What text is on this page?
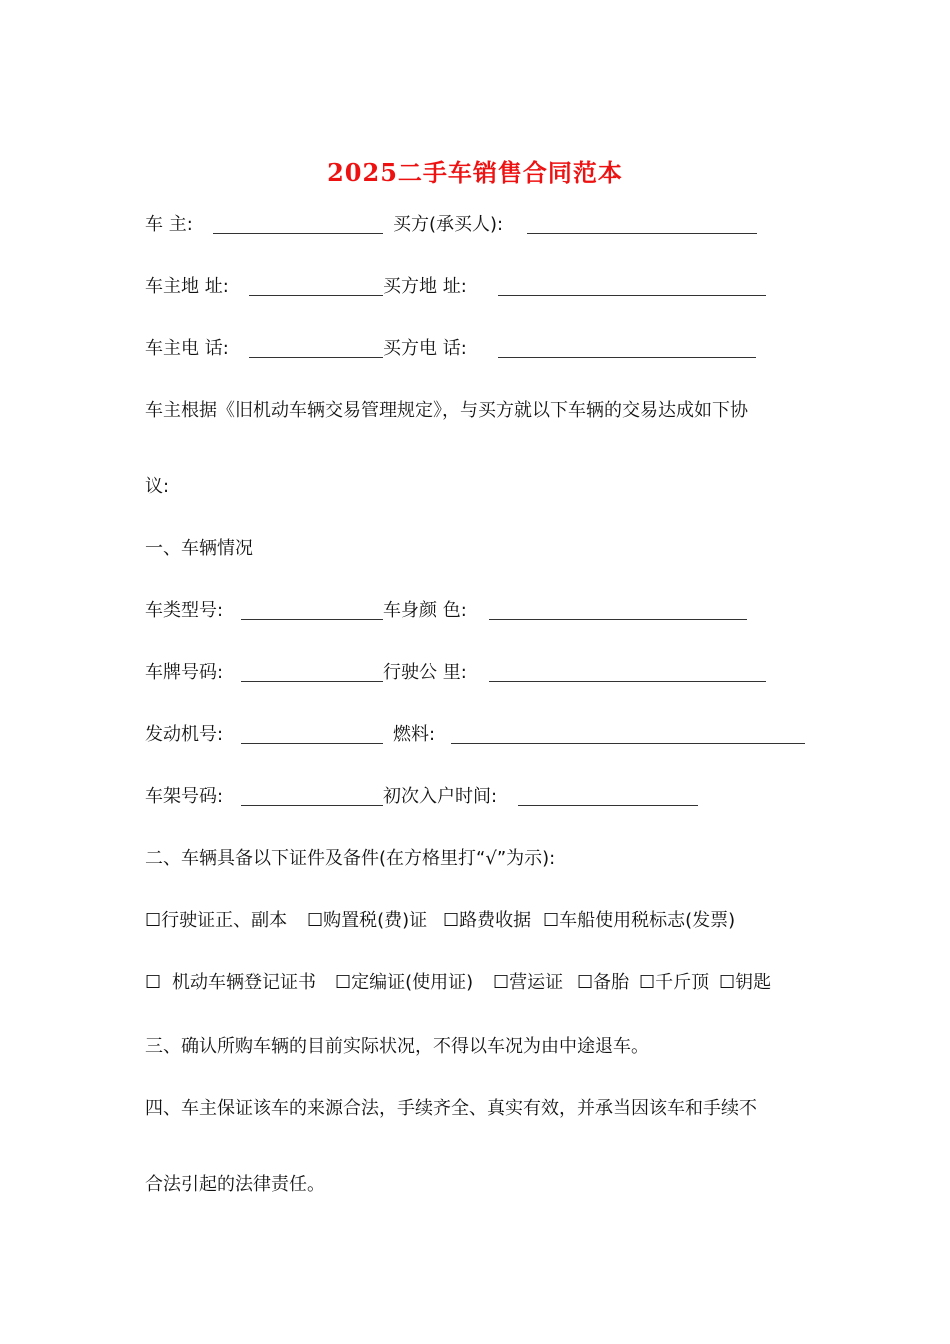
2025二手车销售合同范本
车 主:	买方(承买人):
车主地 址:	买方地 址:
车主电 话:	买方电 话:
车主根据《旧机动车辆交易管理规定》，与买方就以下车辆的交易达成如下协
议:
一、车辆情况
车类型号:	车身颜 色:
车牌号码:	行驶公 里:
发动机号:	燃料:
车架号码:	初次入户时间:
二、车辆具备以下证件及备件(在方格里打“√”为示):
☐行驶证正、副本 ☐购置税(费)证 ☐路费收据 ☐车船使用税标志(发票)
☐ 机动车辆登记证书 ☐定编证(使用证) ☐营运证 ☐备胎 ☐千斤顶 ☐钥匙
三、确认所购车辆的目前实际状况，不得以车况为由中途退车。
四、车主保证该车的来源合法，手续齐全、真实有效，并承当因该车和手续不
合法引起的法律责任。
